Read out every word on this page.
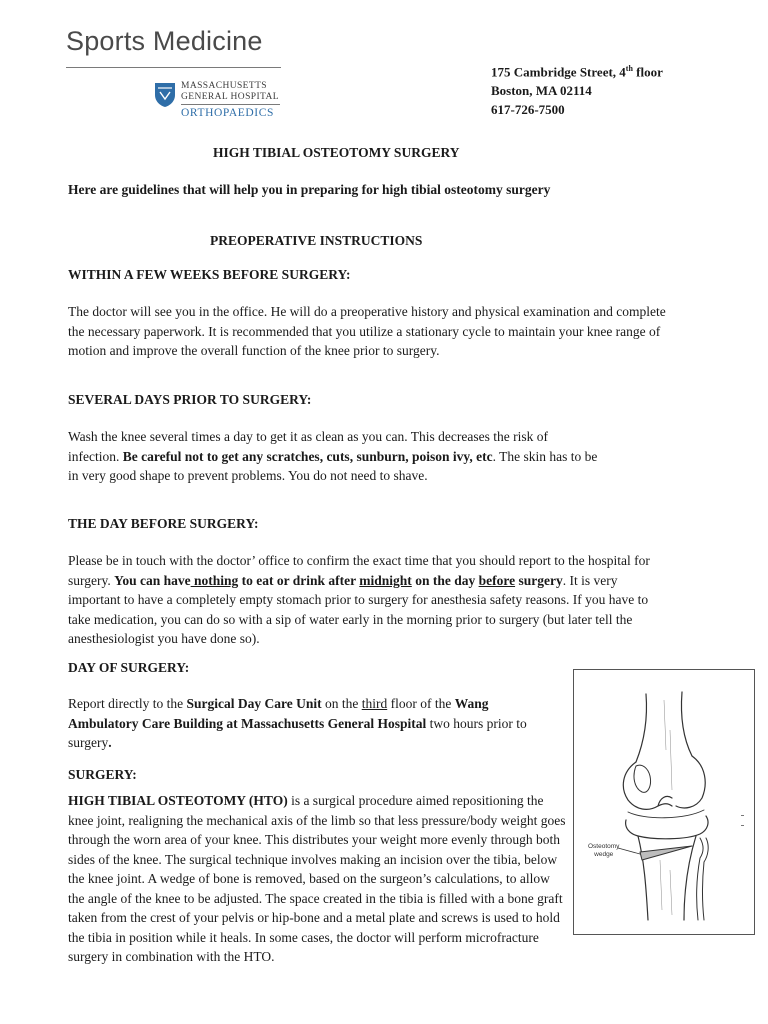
Sports Medicine
MASSACHUSETTS
GENERAL HOSPITAL
ORTHOPAEDICS
175 Cambridge Street, 4th floor
Boston, MA 02114
617-726-7500
HIGH TIBIAL OSTEOTOMY SURGERY
Here are guidelines that will help you in preparing for high tibial osteotomy surgery
PREOPERATIVE INSTRUCTIONS
WITHIN A FEW WEEKS BEFORE SURGERY:
The doctor will see you in the office. He will do a preoperative history and physical examination and complete the necessary paperwork. It is recommended that you utilize a stationary cycle to maintain your knee range of motion and improve the overall function of the knee prior to surgery.
SEVERAL DAYS PRIOR TO SURGERY:
Wash the knee several times a day to get it as clean as you can. This decreases the risk of infection. Be careful not to get any scratches, cuts, sunburn, poison ivy, etc. The skin has to be in very good shape to prevent problems. You do not need to shave.
THE DAY BEFORE SURGERY:
Please be in touch with the doctor’ office to confirm the exact time that you should report to the hospital for surgery. You can have nothing to eat or drink after midnight on the day before surgery. It is very important to have a completely empty stomach prior to surgery for anesthesia safety reasons. If you have to take medication, you can do so with a sip of water early in the morning prior to surgery (but later tell the anesthesiologist you have done so).
DAY OF SURGERY:
Report directly to the Surgical Day Care Unit on the third floor of the Wang Ambulatory Care Building at Massachusetts General Hospital two hours prior to surgery.
SURGERY:
HIGH TIBIAL OSTEOTOMY (HTO) is a surgical procedure aimed repositioning the knee joint, realigning the mechanical axis of the limb so that less pressure/body weight goes through the worn area of your knee. This distributes your weight more evenly through both sides of the knee. The surgical technique involves making an incision over the tibia, below the knee joint. A wedge of bone is removed, based on the surgeon’s calculations, to allow the angle of the knee to be adjusted. The space created in the tibia is filled with a bone graft taken from the crest of your pelvis or hip-bone and a metal plate and screws is used to hold the tibia in position while it heals. In some cases, the doctor will perform microfracture surgery in combination with the HTO.
Osteotomy
wedge
